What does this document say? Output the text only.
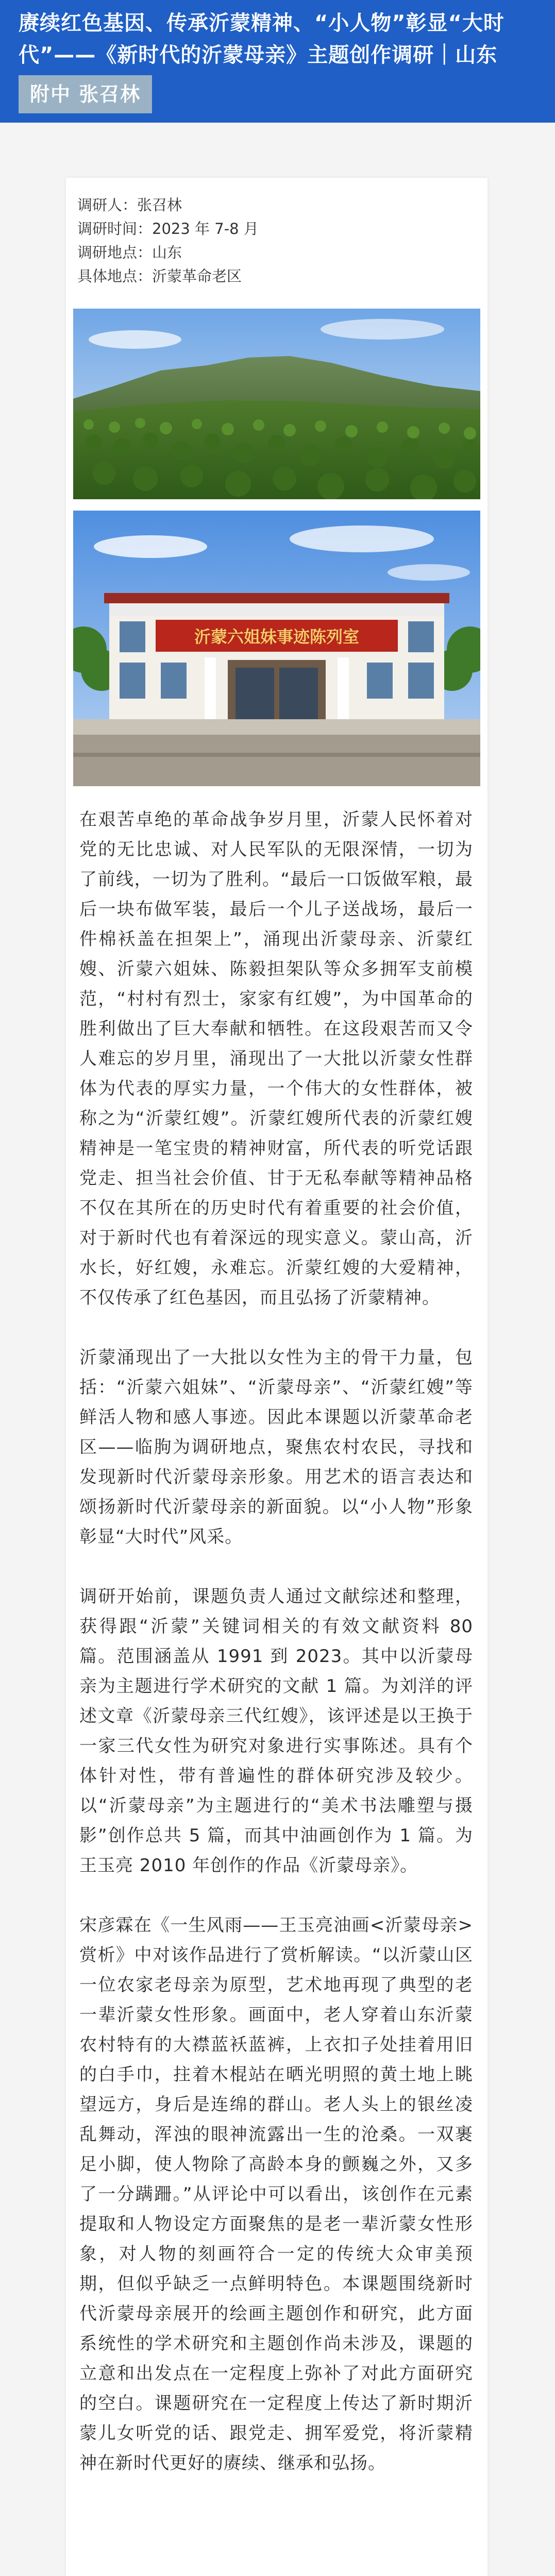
赓续红色基因、传承沂蒙精神、“小人物”彰显“大时代”——《新时代的沂蒙母亲》主题创作调研｜山东
附中 张召林
调研人：张召林
调研时间：2023 年 7-8 月
调研地点：山东
具体地点：沂蒙革命老区
沂蒙六姐妹事迹陈列室

在艰苦卓绝的革命战争岁月里，沂蒙人民怀着对党的无比忠诚、对人民军队的无限深情，一切为了前线，一切为了胜利。“最后一口饭做军粮，最后一块布做军装，最后一个儿子送战场，最后一件棉袄盖在担架上”，涌现出沂蒙母亲、沂蒙红嫂、沂蒙六姐妹、陈毅担架队等众多拥军支前模范，“村村有烈士，家家有红嫂”，为中国革命的胜利做出了巨大奉献和牺牲。在这段艰苦而又令人难忘的岁月里，涌现出了一大批以沂蒙女性群体为代表的厚实力量，一个伟大的女性群体，被称之为“沂蒙红嫂”。沂蒙红嫂所代表的沂蒙红嫂精神是一笔宝贵的精神财富，所代表的听党话跟党走、担当社会价值、甘于无私奉献等精神品格不仅在其所在的历史时代有着重要的社会价值，对于新时代也有着深远的现实意义。蒙山高，沂水长，好红嫂，永难忘。沂蒙红嫂的大爱精神，不仅传承了红色基因，而且弘扬了沂蒙精神。

沂蒙涌现出了一大批以女性为主的骨干力量，包括：“沂蒙六姐妹”、“沂蒙母亲”、“沂蒙红嫂”等鲜活人物和感人事迹。因此本课题以沂蒙革命老区——临朐为调研地点，聚焦农村农民，寻找和发现新时代沂蒙母亲形象。用艺术的语言表达和颂扬新时代沂蒙母亲的新面貌。以“小人物”形象彰显“大时代”风采。

调研开始前，课题负责人通过文献综述和整理，获得跟“沂蒙”关键词相关的有效文献资料 80 篇。范围涵盖从 1991 到 2023。其中以沂蒙母亲为主题进行学术研究的文献 1 篇。为刘洋的评述文章《沂蒙母亲三代红嫂》，该评述是以王换于一家三代女性为研究对象进行实事陈述。具有个体针对性，带有普遍性的群体研究涉及较少。以“沂蒙母亲”为主题进行的“美术书法雕塑与摄影”创作总共 5 篇，而其中油画创作为 1 篇。为王玉亮 2010 年创作的作品《沂蒙母亲》。

宋彦霖在《一生风雨——王玉亮油画<沂蒙母亲>赏析》中对该作品进行了赏析解读。“以沂蒙山区一位农家老母亲为原型，艺术地再现了典型的老一辈沂蒙女性形象。画面中，老人穿着山东沂蒙农村特有的大襟蓝袄蓝裤，上衣扣子处挂着用旧的白手巾，拄着木棍站在晒光明照的黄土地上眺望远方，身后是连绵的群山。老人头上的银丝凌乱舞动，浑浊的眼神流露出一生的沧桑。一双裹足小脚，使人物除了高龄本身的颤巍之外，又多了一分蹒跚。”从评论中可以看出，该创作在元素提取和人物设定方面聚焦的是老一辈沂蒙女性形象，对人物的刻画符合一定的传统大众审美预期，但似乎缺乏一点鲜明特色。本课题围绕新时代沂蒙母亲展开的绘画主题创作和研究，此方面系统性的学术研究和主题创作尚未涉及，课题的立意和出发点在一定程度上弥补了对此方面研究的空白。课题研究在一定程度上传达了新时期沂蒙儿女听党的话、跟党走、拥军爱党，将沂蒙精神在新时代更好的赓续、继承和弘扬。
